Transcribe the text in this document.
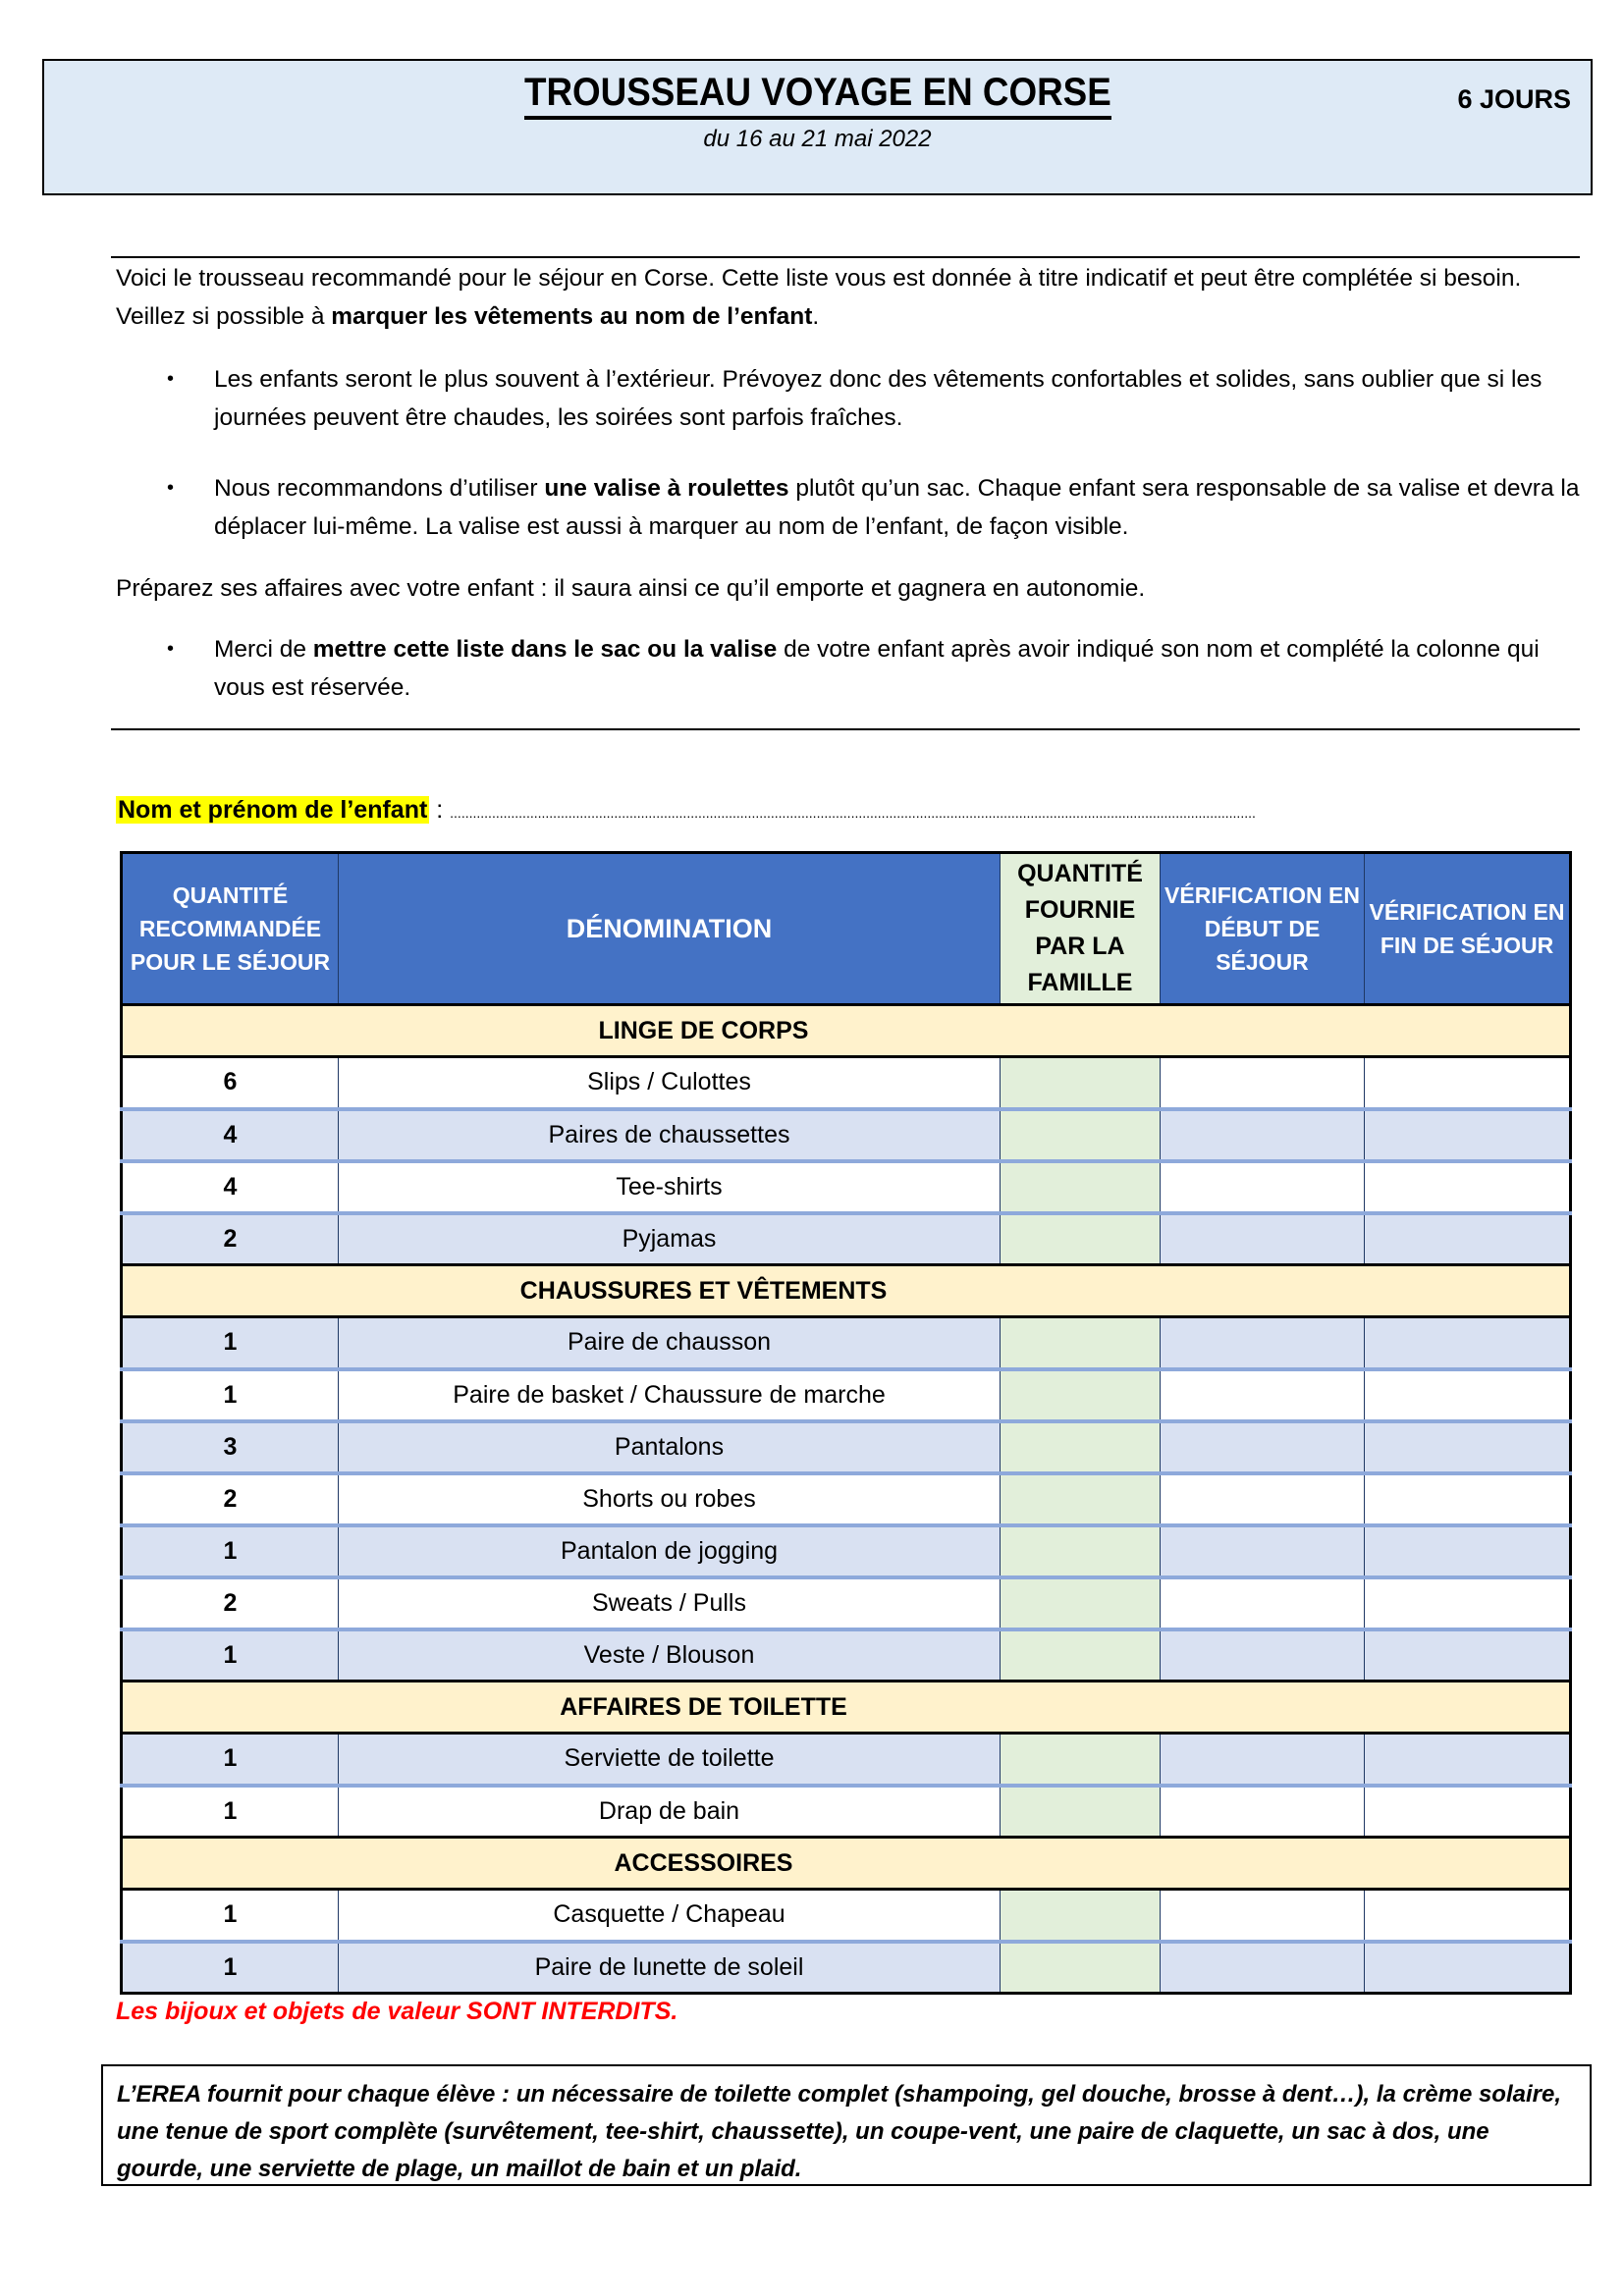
TROUSSEAU VOYAGE EN CORSE
du 16 au 21 mai 2022
6 JOURS
Voici le trousseau recommandé pour le séjour en Corse. Cette liste vous est donnée à titre indicatif et peut être complétée si besoin. Veillez si possible à marquer les vêtements au nom de l’enfant.
• Les enfants seront le plus souvent à l’extérieur. Prévoyez donc des vêtements confortables et solides, sans oublier que si les journées peuvent être chaudes, les soirées sont parfois fraîches.
• Nous recommandons d’utiliser une valise à roulettes plutôt qu’un sac. Chaque enfant sera responsable de sa valise et devra la déplacer lui-même. La valise est aussi à marquer au nom de l’enfant, de façon visible.
Préparez ses affaires avec votre enfant : il saura ainsi ce qu’il emporte et gagnera en autonomie.
• Merci de mettre cette liste dans le sac ou la valise de votre enfant après avoir indiqué son nom et complété la colonne qui vous est réservée.
Nom et prénom de l’enfant : ...................................................................................................................................................................................................................
QUANTITÉ RECOMMANDÉE POUR LE SÉJOUR	DÉNOMINATION	QUANTITÉ FOURNIE PAR LA FAMILLE	VÉRIFICATION EN DÉBUT DE SÉJOUR	VÉRIFICATION EN FIN DE SÉJOUR
LINGE DE CORPS				
6	Slips / Culottes			
4	Paires de chaussettes			
4	Tee-shirts			
2	Pyjamas			
CHAUSSURES ET VÊTEMENTS				
1	Paire de chausson			
1	Paire de basket / Chaussure de marche			
3	Pantalons			
2	Shorts ou robes			
1	Pantalon de jogging			
2	Sweats / Pulls			
1	Veste / Blouson			
AFFAIRES DE TOILETTE				
1	Serviette de toilette			
1	Drap de bain			
ACCESSOIRES				
1	Casquette / Chapeau			
1	Paire de lunette de soleil			
Les bijoux et objets de valeur SONT INTERDITS.
L’EREA fournit pour chaque élève : un nécessaire de toilette complet (shampoing, gel douche, brosse à dent…), la crème solaire, une tenue de sport complète (survêtement, tee-shirt, chaussette), un coupe-vent, une paire de claquette, un sac à dos, une gourde, une serviette de plage, un maillot de bain et un plaid.
